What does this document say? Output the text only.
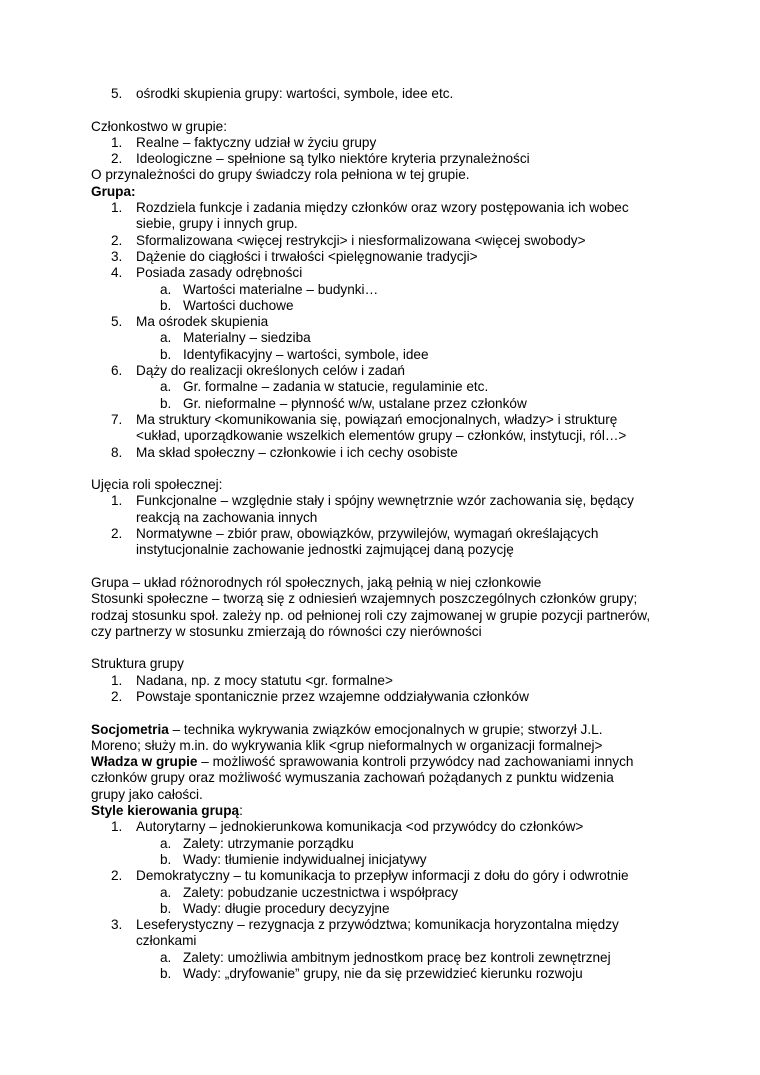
5. ośrodki skupienia grupy: wartości, symbole, idee etc.
Członkostwo w grupie:
1. Realne – faktyczny udział w życiu grupy
2. Ideologiczne – spełnione są tylko niektóre kryteria przynależności
O przynależności do grupy świadczy rola pełniona w tej grupie.
Grupa:
1. Rozdziela funkcje i zadania między członków oraz wzory postępowania ich wobec
siebie, grupy i innych grup.
2. Sformalizowana <więcej restrykcji> i niesformalizowana <więcej swobody>
3. Dążenie do ciągłości i trwałości <pielęgnowanie tradycji>
4. Posiada zasady odrębności
a. Wartości materialne – budynki…
b. Wartości duchowe
5. Ma ośrodek skupienia
a. Materialny – siedziba
b. Identyfikacyjny – wartości, symbole, idee
6. Dąży do realizacji określonych celów i zadań
a. Gr. formalne – zadania w statucie, regulaminie etc.
b. Gr. nieformalne – płynność w/w, ustalane przez członków
7. Ma struktury <komunikowania się, powiązań emocjonalnych, władzy> i strukturę
<układ, uporządkowanie wszelkich elementów grupy – członków, instytucji, ról…>
8. Ma skład społeczny – członkowie i ich cechy osobiste
Ujęcia roli społecznej:
1. Funkcjonalne – względnie stały i spójny wewnętrznie wzór zachowania się, będący
reakcją na zachowania innych
2. Normatywne – zbiór praw, obowiązków, przywilejów, wymagań określających
instytucjonalnie zachowanie jednostki zajmującej daną pozycję
Grupa – układ różnorodnych ról społecznych, jaką pełnią w niej członkowie
Stosunki społeczne – tworzą się z odniesień wzajemnych poszczególnych członków grupy;
rodzaj stosunku społ. zależy np. od pełnionej roli czy zajmowanej w grupie pozycji partnerów,
czy partnerzy w stosunku zmierzają do równości czy nierówności
Struktura grupy
1. Nadana, np. z mocy statutu <gr. formalne>
2. Powstaje spontanicznie przez wzajemne oddziaływania członków
Socjometria – technika wykrywania związków emocjonalnych w grupie; stworzył J.L.
Moreno; służy m.in. do wykrywania klik <grup nieformalnych w organizacji formalnej>
Władza w grupie – możliwość sprawowania kontroli przywódcy nad zachowaniami innych
członków grupy oraz możliwość wymuszania zachowań pożądanych z punktu widzenia
grupy jako całości.
Style kierowania grupą:
1. Autorytarny – jednokierunkowa komunikacja <od przywódcy do członków>
a. Zalety: utrzymanie porządku
b. Wady: tłumienie indywidualnej inicjatywy
2. Demokratyczny – tu komunikacja to przepływ informacji z dołu do góry i odwrotnie
a. Zalety: pobudzanie uczestnictwa i współpracy
b. Wady: długie procedury decyzyjne
3. Leseferystyczny – rezygnacja z przywództwa; komunikacja horyzontalna między
członkami
a. Zalety: umożliwia ambitnym jednostkom pracę bez kontroli zewnętrznej
b. Wady: „dryfowanie” grupy, nie da się przewidzieć kierunku rozwoju
